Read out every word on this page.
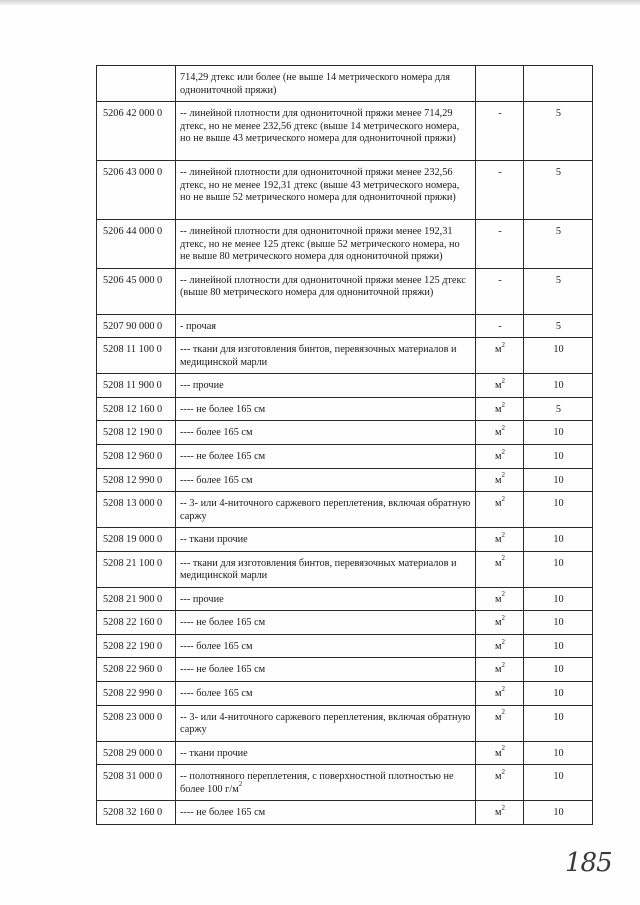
	714,29 дтекс или более (не выше 14 метрического номера для однониточной пряжи)		
5206 42 000 0	-- линейной плотности для однониточной пряжи менее 714,29 дтекс, но не менее 232,56 дтекс (выше 14 метрического номера, но не выше 43 метрического номера для однониточной пряжи)	-	5
5206 43 000 0	-- линейной плотности для однониточной пряжи менее 232,56 дтекс, но не менее 192,31 дтекс (выше 43 метрического номера, но не выше 52 метрического номера для однониточной пряжи)	-	5
5206 44 000 0	-- линейной плотности для однониточной пряжи менее 192,31 дтекс, но не менее 125 дтекс (выше 52 метрического номера, но не выше 80 метрического номера для однониточной пряжи)	-	5
5206 45 000 0	-- линейной плотности для однониточной пряжи менее 125 дтекс (выше 80 метрического номера для однониточной пряжи)	-	5
5207 90 000 0	- прочая	-	5
5208 11 100 0	--- ткани для изготовления бинтов, перевязочных материалов и медицинской марли	$м^2$	10
5208 11 900 0	--- прочие	$м^2$	10
5208 12 160 0	---- не более 165 см	$м^2$	5
5208 12 190 0	---- более 165 см	$м^2$	10
5208 12 960 0	---- не более 165 см	$м^2$	10
5208 12 990 0	---- более 165 см	$м^2$	10
5208 13 000 0	-- 3- или 4-ниточного саржевого переплетения, включая обратную саржу	$м^2$	10
5208 19 000 0	-- ткани прочие	$м^2$	10
5208 21 100 0	--- ткани для изготовления бинтов, перевязочных материалов и медицинской марли	$м^2$	10
5208 21 900 0	--- прочие	$м^2$	10
5208 22 160 0	---- не более 165 см	$м^2$	10
5208 22 190 0	---- более 165 см	$м^2$	10
5208 22 960 0	---- не более 165 см	$м^2$	10
5208 22 990 0	---- более 165 см	$м^2$	10
5208 23 000 0	-- 3- или 4-ниточного саржевого переплетения, включая обратную саржу	$м^2$	10
5208 29 000 0	-- ткани прочие	$м^2$	10
5208 31 000 0	-- полотняного переплетения, с поверхностной плотностью не более 100 $г/м^2$	$м^2$	10
5208 32 160 0	---- не более 165 см	$м^2$	10
185
